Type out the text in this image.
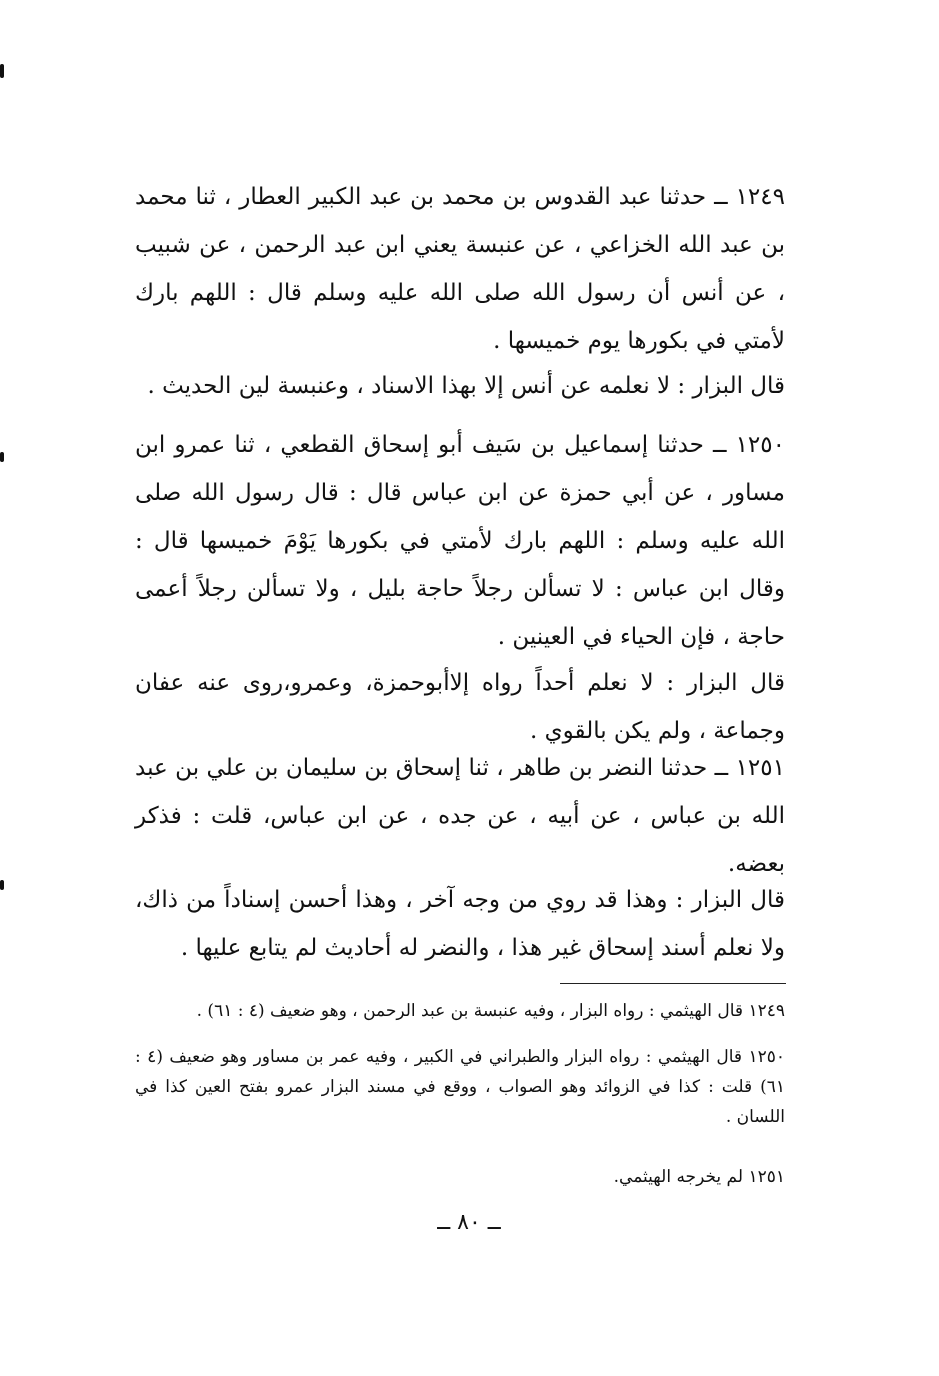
١٢٤٩ ــ حدثنا عبد القدوس بن محمد بن عبد الكبير العطار ، ثنا محمد بن عبد الله الخزاعي ، عن عنبسة يعني ابن عبد الرحمن ، عن شبيب ، عن أنس أن رسول الله صلى الله عليه وسلم قال : اللهم بارك لأمتي في بكورها يوم خميسها .

قال البزار : لا نعلمه عن أنس إلا بهذا الاسناد ، وعنبسة لين الحديث .

١٢٥٠ ــ حدثنا إسماعيل بن سَيف أبو إسحاق القطعي ، ثنا عمرو ابن مساور ، عن أبي حمزة عن ابن عباس قال : قال رسول الله صلى الله عليه وسلم : اللهم بارك لأمتي في بكورها يَوْمَ خميسها قال : وقال ابن عباس : لا تسألن رجلاً حاجة بليل ، ولا تسألن رجلاً أعمى حاجة ، فإن الحياء في العينين .

قال البزار : لا نعلم أحداً رواه إلاأبوحمزة، وعمرو،روى عنه عفان وجماعة ، ولم يكن بالقوي .

١٢٥١ ــ حدثنا النضر بن طاهر ، ثنا إسحاق بن سليمان بن علي بن عبد الله بن عباس ، عن أبيه ، عن جده ، عن ابن عباس، قلت : فذكر بعضه.

قال البزار : وهذا قد روي من وجه آخر ، وهذا أحسن إسناداً من ذاك، ولا نعلم أسند إسحاق غير هذا ، والنضر له أحاديث لم يتابع عليها .

١٢٤٩ قال الهيثمي : رواه البزار ، وفيه عنبسة بن عبد الرحمن ، وهو ضعيف (٤ : ٦١) .

١٢٥٠ قال الهيثمي : رواه البزار والطبراني في الكبير ، وفيه عمر بن مساور وهو ضعيف (٤ : ٦١) قلت : كذا في الزوائد وهو الصواب ، ووقع في مسند البزار عمرو بفتح العين كذا في اللسان .

١٢٥١ لم يخرجه الهيثمي.

ــ ٨٠ ــ
